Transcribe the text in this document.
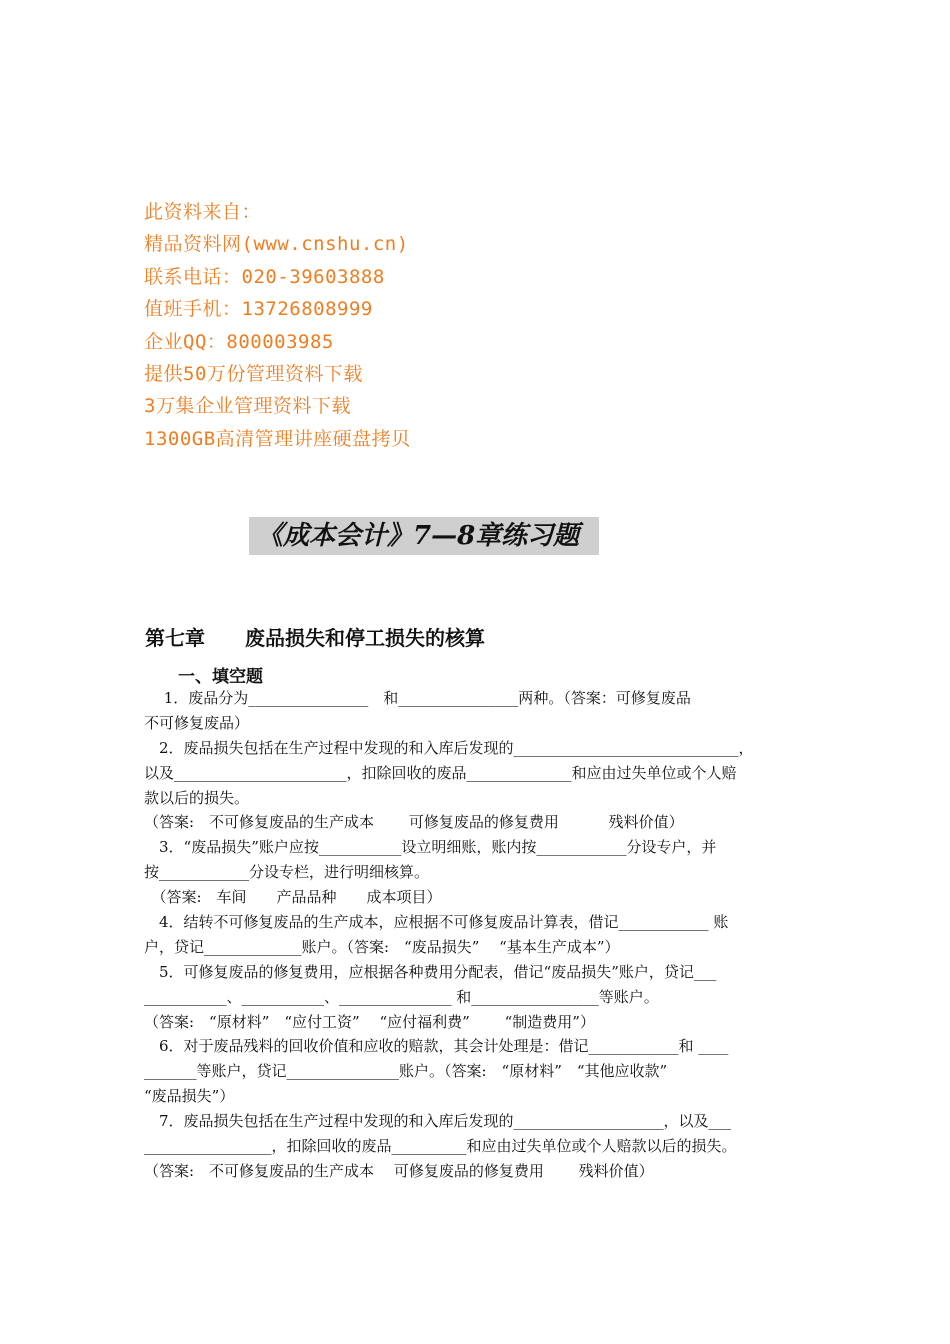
此资料来自：
精品资料网(www.cnshu.cn)
联系电话：020-39603888
值班手机：13726808999
企业QQ：800003985
提供50万份管理资料下载
3万集企业管理资料下载
1300GB高清管理讲座硬盘拷贝
《成本会计》7—8章练习题
第七章 废品损失和停工损失的核算
一、填空题
　 1．废品分为________________　和________________两种。（答案：可修复废品
不可修复废品）
　2．废品损失包括在生产过程中发现的和入库后发现的______________________________，
以及_______________________，扣除回收的废品______________和应由过失单位或个人赔
款以后的损失。
（答案:　不可修复废品的生产成本　　 可修复废品的修复费用　　　 残料价值）
　3．“废品损失”账户应按___________设立明细账，账内按____________分设专户，并
按____________分设专栏，进行明细核算。
　（答案:　车间　　产品品种　　成本项目）
　4．结转不可修复废品的生产成本，应根据不可修复废品计算表，借记____________ 账
户，贷记_____________账户。（答案:　“废品损失”　 “基本生产成本”）
　5．可修复废品的修复费用，应根据各种费用分配表，借记“废品损失”账户，贷记___
___________、___________、_______________ 和_________________等账户。
（答案:　“原材料”　“应付工资”　 “应付福利费”　　 “制造费用”）
　6．对于废品残料的回收价值和应收的赔款，其会计处理是：借记____________和 ____
_______等账户，贷记_______________账户。（答案:　“原材料”　“其他应收款”
“废品损失”）
　7．废品损失包括在生产过程中发现的和入库后发现的____________________，以及___
_________________，扣除回收的废品__________和应由过失单位或个人赔款以后的损失。
（答案:　不可修复废品的生产成本　 可修复废品的修复费用　　 残料价值）
